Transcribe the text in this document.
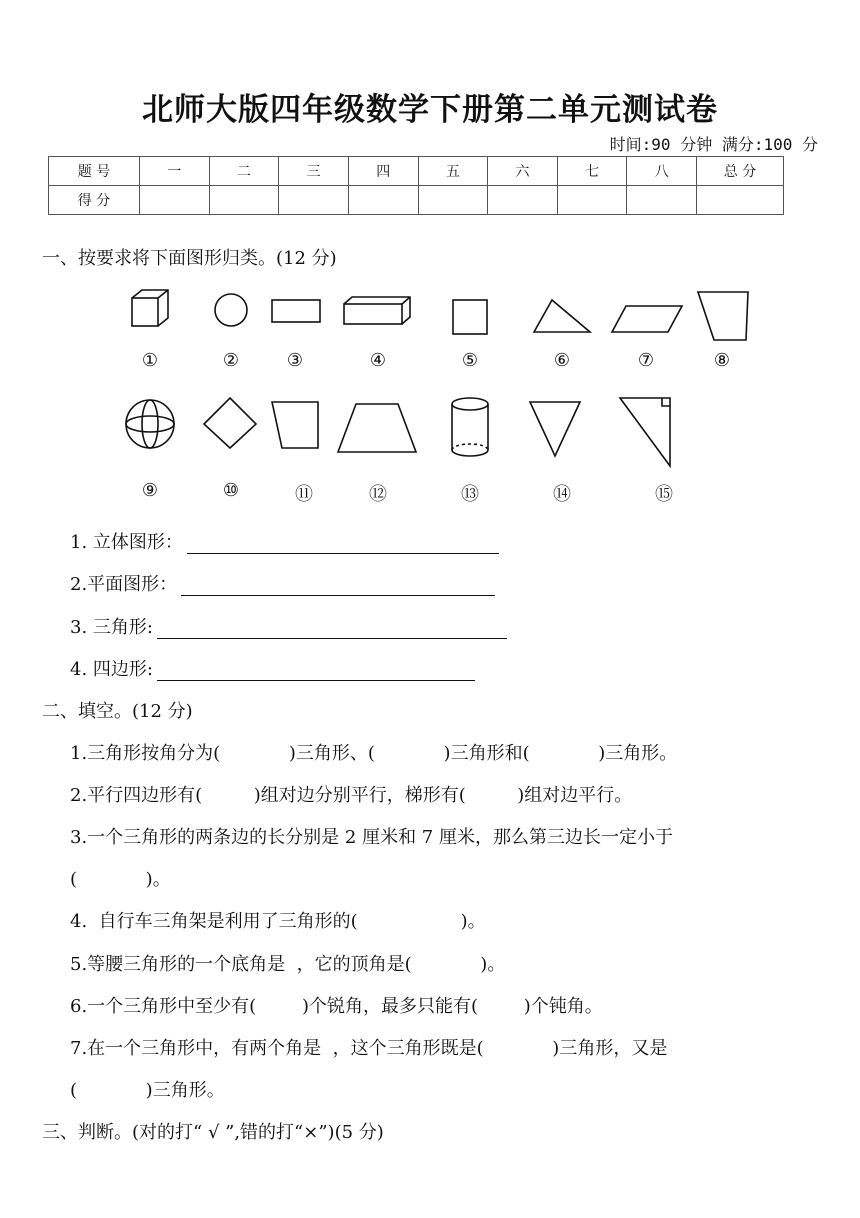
北师大版四年级数学下册第二单元测试卷
时间:90 分钟 满分:100 分
题 号	一	二	三	四	五	六	七	八	总 分
得 分									
一、按要求将下面图形归类。(12 分)
①	②	③	④	⑤	⑥	⑦	⑧
⑨	⑩	⑪	⑫	⑬	⑭	⑮
1. 立体图形：
2.平面图形：
3. 三角形:
4. 四边形:
二、填空。(12 分)
1.三角形按角分为(            )三角形、(            )三角形和(            )三角形。
2.平行四边形有(         )组对边分别平行，梯形有(         )组对边平行。
3.一个三角形的两条边的长分别是 2 厘米和 7 厘米，那么第三边长一定小于
(            )。
4.  自行车三角架是利用了三角形的(                  )。
5.等腰三角形的一个底角是  ，它的顶角是(            )。
6.一个三角形中至少有(        )个锐角，最多只能有(        )个钝角。
7.在一个三角形中，有两个角是  ，这个三角形既是(            )三角形，又是
(            )三角形。
三、判断。(对的打“ √ ”,错的打“×”)(5 分)
